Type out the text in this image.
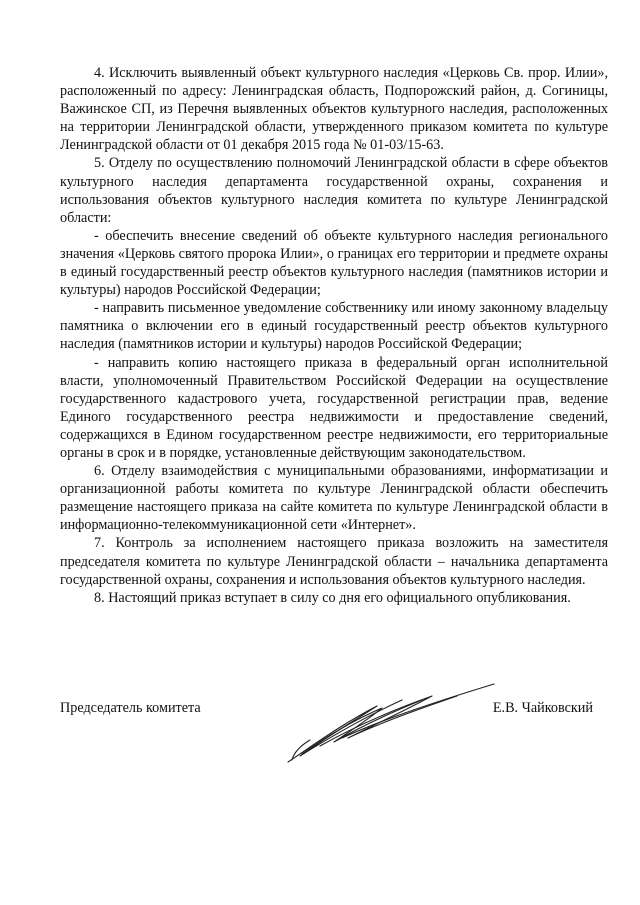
4. Исключить выявленный объект культурного наследия «Церковь Св. прор. Илии», расположенный по адресу: Ленинградская область, Подпорожский район, д. Согиницы, Важинское СП, из Перечня выявленных объектов культурного наследия, расположенных на территории Ленинградской области, утвержденного приказом комитета по культуре Ленинградской области от 01 декабря 2015 года № 01-03/15-63.

5. Отделу по осуществлению полномочий Ленинградской области в сфере объектов культурного наследия департамента государственной охраны, сохранения и использования объектов культурного наследия комитета по культуре Ленинградской области:

- обеспечить внесение сведений об объекте культурного наследия регионального значения «Церковь святого пророка Илии», о границах его территории и предмете охраны в единый государственный реестр объектов культурного наследия (памятников истории и культуры) народов Российской Федерации;

- направить письменное уведомление собственнику или иному законному владельцу памятника о включении его в единый государственный реестр объектов культурного наследия (памятников истории и культуры) народов Российской Федерации;

- направить копию настоящего приказа в федеральный орган исполнительной власти, уполномоченный Правительством Российской Федерации на осуществление государственного кадастрового учета, государственной регистрации прав, ведение Единого государственного реестра недвижимости и предоставление сведений, содержащихся в Едином государственном реестре недвижимости, его территориальные органы в срок и в порядке, установленные действующим законодательством.

6. Отделу взаимодействия с муниципальными образованиями, информатизации и организационной работы комитета по культуре Ленинградской области обеспечить размещение настоящего приказа на сайте комитета по культуре Ленинградской области в информационно-телекоммуникационной сети «Интернет».

7. Контроль за исполнением настоящего приказа возложить на заместителя председателя комитета по культуре Ленинградской области – начальника департамента государственной охраны, сохранения и использования объектов культурного наследия.

8. Настоящий приказ вступает в силу со дня его официального опубликования.

Председатель комитета	Е.В. Чайковский
